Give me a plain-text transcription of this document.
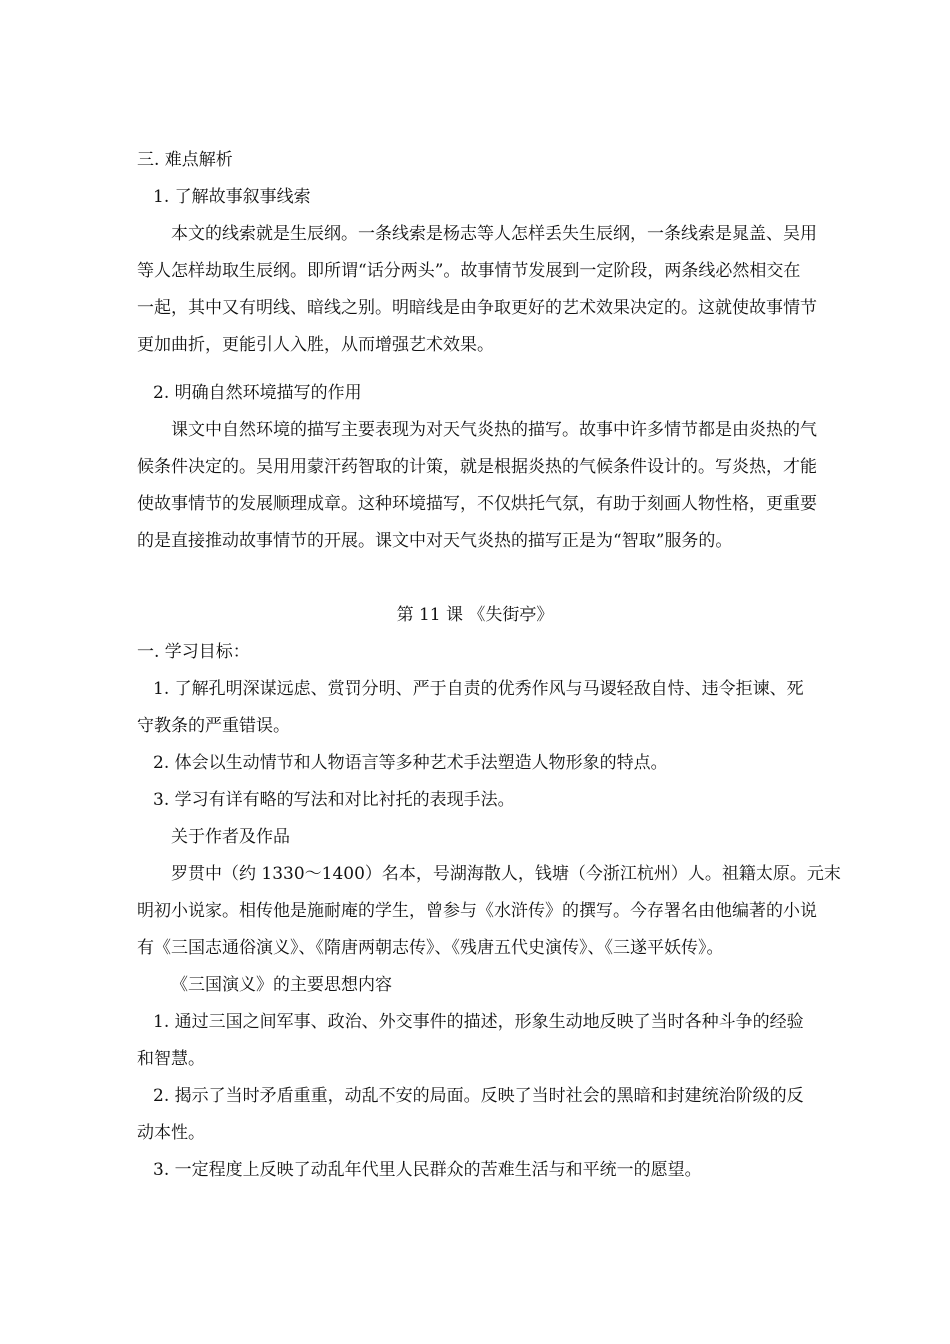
三. 难点解析
1. 了解故事叙事线索
本文的线索就是生辰纲。一条线索是杨志等人怎样丢失生辰纲，一条线索是晁盖、吴用
等人怎样劫取生辰纲。即所谓“话分两头”。故事情节发展到一定阶段，两条线必然相交在
一起，其中又有明线、暗线之别。明暗线是由争取更好的艺术效果决定的。这就使故事情节
更加曲折，更能引人入胜，从而增强艺术效果。
2. 明确自然环境描写的作用
课文中自然环境的描写主要表现为对天气炎热的描写。故事中许多情节都是由炎热的气
候条件决定的。吴用用蒙汗药智取的计策，就是根据炎热的气候条件设计的。写炎热，才能
使故事情节的发展顺理成章。这种环境描写，不仅烘托气氛，有助于刻画人物性格，更重要
的是直接推动故事情节的开展。课文中对天气炎热的描写正是为“智取”服务的。
第 11 课 《失街亭》
一. 学习目标：
1. 了解孔明深谋远虑、赏罚分明、严于自责的优秀作风与马谡轻敌自恃、违令拒谏、死
守教条的严重错误。
2. 体会以生动情节和人物语言等多种艺术手法塑造人物形象的特点。
3. 学习有详有略的写法和对比衬托的表现手法。
关于作者及作品
罗贯中（约 1330～1400）名本，号湖海散人，钱塘（今浙江杭州）人。祖籍太原。元末
明初小说家。相传他是施耐庵的学生，曾参与《水浒传》的撰写。今存署名由他编著的小说
有《三国志通俗演义》、《隋唐两朝志传》、《残唐五代史演传》、《三遂平妖传》。
《三国演义》的主要思想内容
1. 通过三国之间军事、政治、外交事件的描述，形象生动地反映了当时各种斗争的经验
和智慧。
2. 揭示了当时矛盾重重，动乱不安的局面。反映了当时社会的黑暗和封建统治阶级的反
动本性。
3. 一定程度上反映了动乱年代里人民群众的苦难生活与和平统一的愿望。
